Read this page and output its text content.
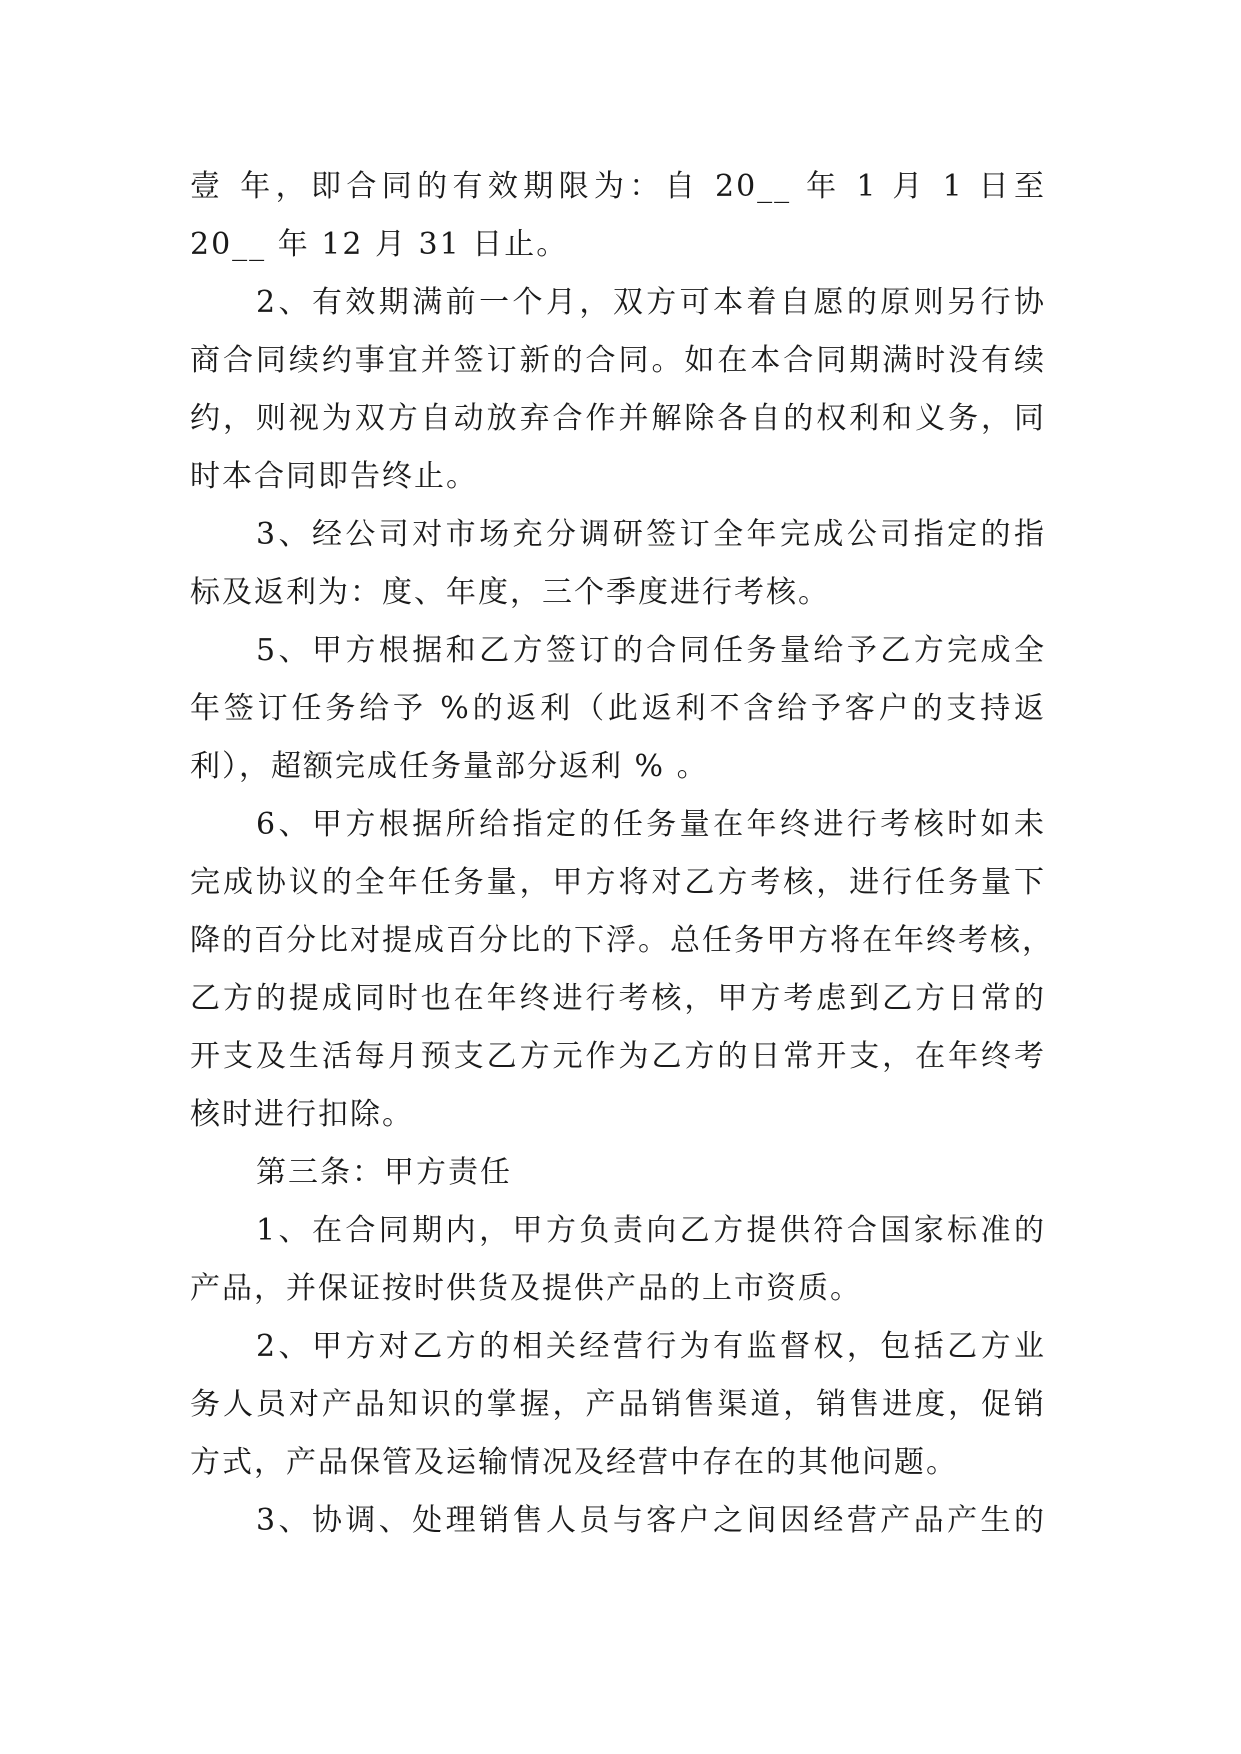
壹 年，即合同的有效期限为：自 20__ 年 1 月 1 日至
20__ 年 12 月 31 日止。
2、有效期满前一个月，双方可本着自愿的原则另行协
商合同续约事宜并签订新的合同。如在本合同期满时没有续
约，则视为双方自动放弃合作并解除各自的权利和义务，同
时本合同即告终止。
3、经公司对市场充分调研签订全年完成公司指定的指
标及返利为：度、年度，三个季度进行考核。
5、甲方根据和乙方签订的合同任务量给予乙方完成全
年签订任务给予 %的返利（此返利不含给予客户的支持返
利），超额完成任务量部分返利 % 。
6、甲方根据所给指定的任务量在年终进行考核时如未
完成协议的全年任务量，甲方将对乙方考核，进行任务量下
降的百分比对提成百分比的下浮。总任务甲方将在年终考核，
乙方的提成同时也在年终进行考核，甲方考虑到乙方日常的
开支及生活每月预支乙方元作为乙方的日常开支，在年终考
核时进行扣除。
第三条：甲方责任
1、在合同期内，甲方负责向乙方提供符合国家标准的
产品，并保证按时供货及提供产品的上市资质。
2、甲方对乙方的相关经营行为有监督权，包括乙方业
务人员对产品知识的掌握，产品销售渠道，销售进度，促销
方式，产品保管及运输情况及经营中存在的其他问题。
3、协调、处理销售人员与客户之间因经营产品产生的
